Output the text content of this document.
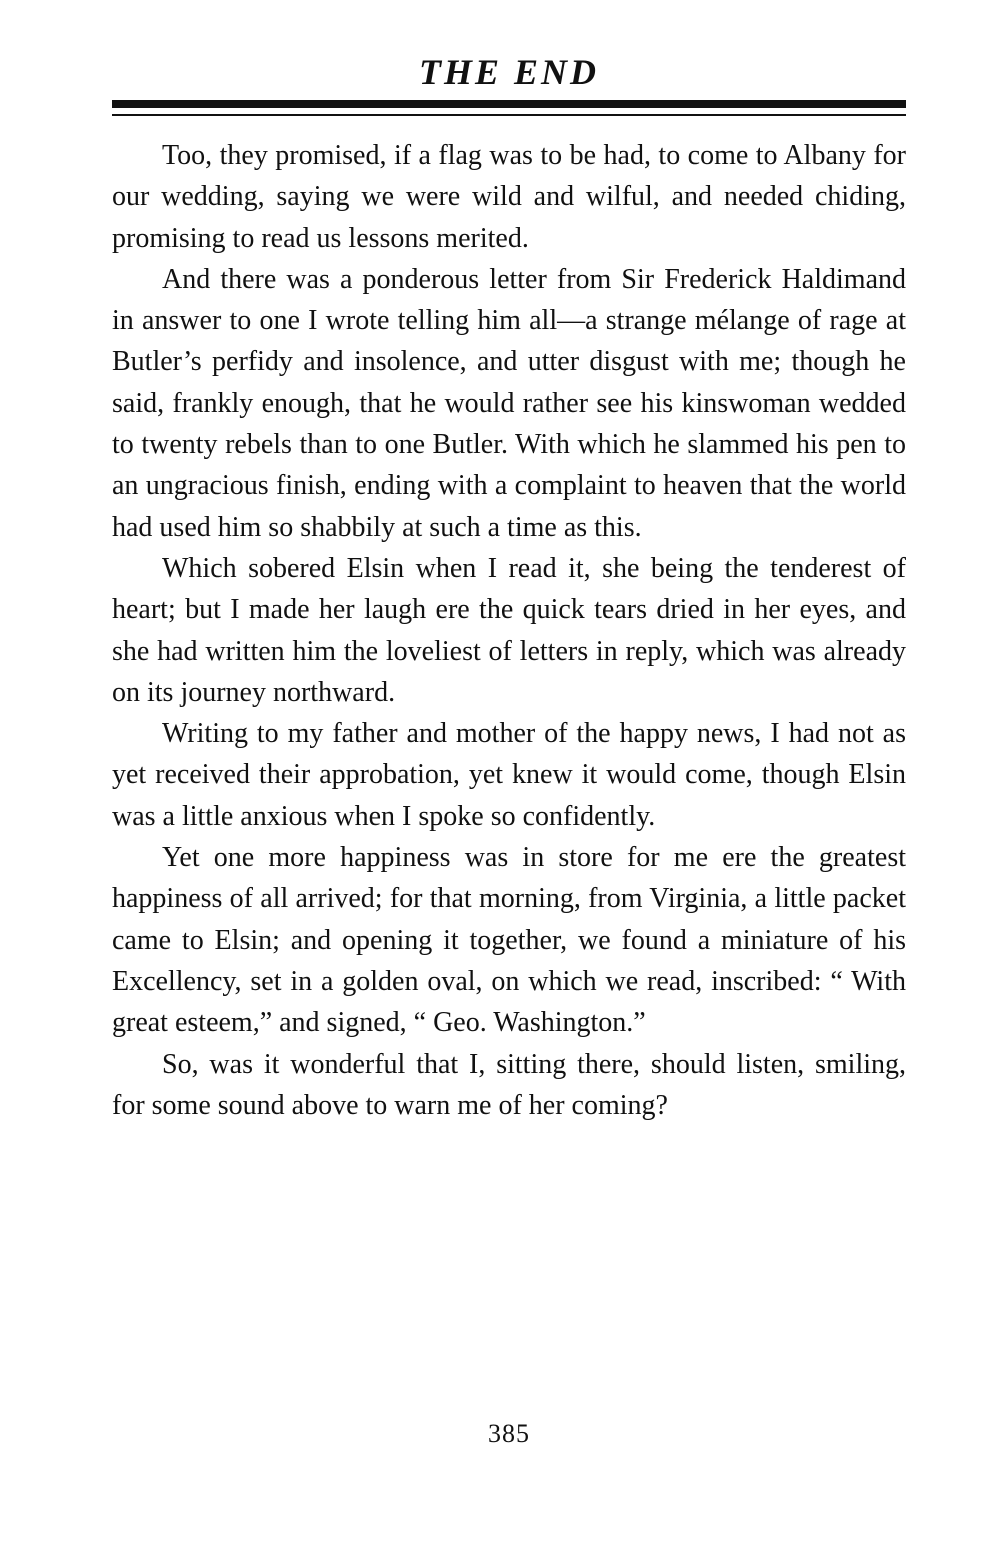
THE END

Too, they promised, if a flag was to be had, to come to Albany for our wedding, saying we were wild and wilful, and needed chiding, promising to read us lessons merited.

And there was a ponderous letter from Sir Frederick Haldimand in answer to one I wrote telling him all—a strange mélange of rage at Butler’s perfidy and insolence, and utter disgust with me; though he said, frankly enough, that he would rather see his kinswoman wedded to twenty rebels than to one Butler. With which he slammed his pen to an ungracious finish, ending with a complaint to heaven that the world had used him so shabbily at such a time as this.

Which sobered Elsin when I read it, she being the tenderest of heart; but I made her laugh ere the quick tears dried in her eyes, and she had written him the loveliest of letters in reply, which was already on its journey northward.

Writing to my father and mother of the happy news, I had not as yet received their approbation, yet knew it would come, though Elsin was a little anxious when I spoke so confidently.

Yet one more happiness was in store for me ere the greatest happiness of all arrived; for that morning, from Virginia, a little packet came to Elsin; and opening it together, we found a miniature of his Excellency, set in a golden oval, on which we read, inscribed: “ With great esteem,” and signed, “ Geo. Washington.”

So, was it wonderful that I, sitting there, should listen, smiling, for some sound above to warn me of her coming?

385
